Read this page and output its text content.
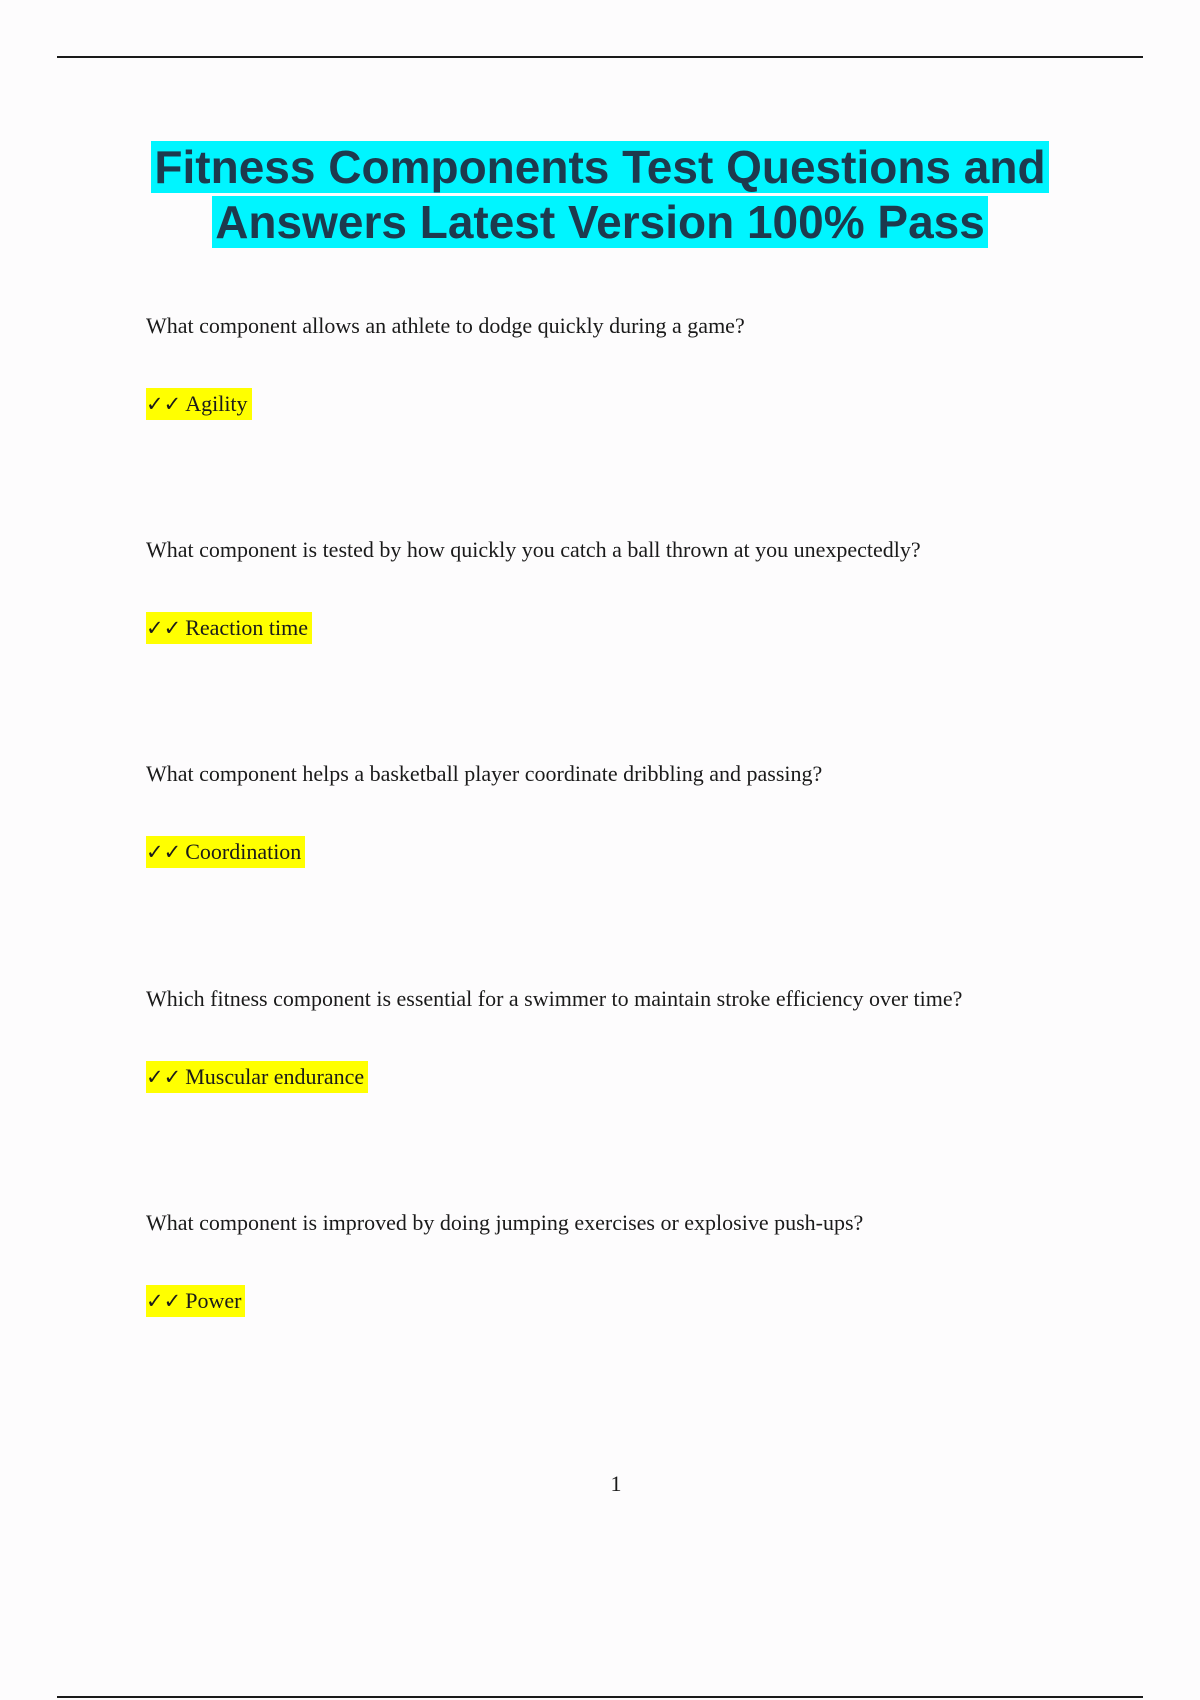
Fitness Components Test Questions and Answers Latest Version 100% Pass

What component allows an athlete to dodge quickly during a game?

✓✓ Agility

What component is tested by how quickly you catch a ball thrown at you unexpectedly?

✓✓ Reaction time

What component helps a basketball player coordinate dribbling and passing?

✓✓ Coordination

Which fitness component is essential for a swimmer to maintain stroke efficiency over time?

✓✓ Muscular endurance

What component is improved by doing jumping exercises or explosive push-ups?

✓✓ Power

1
